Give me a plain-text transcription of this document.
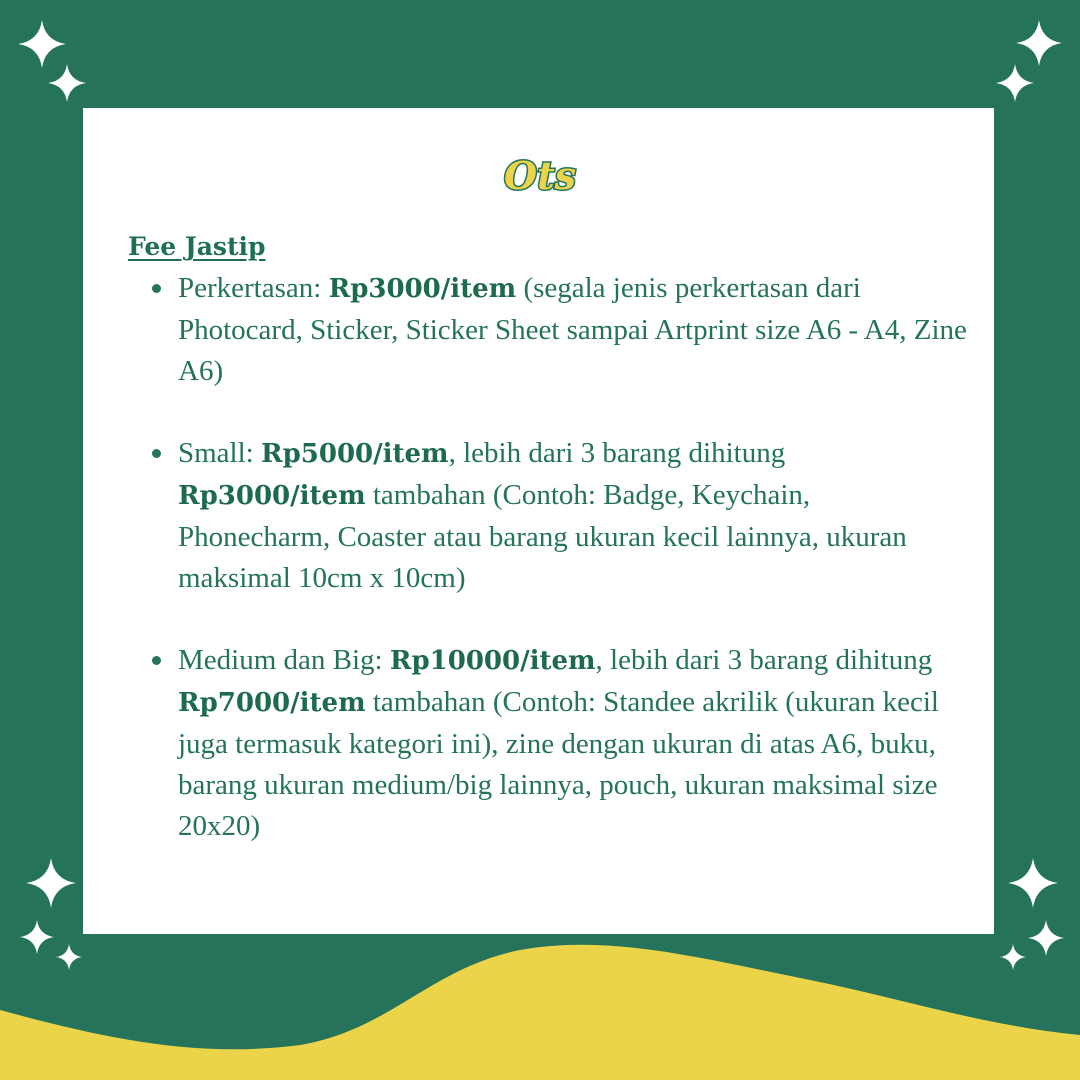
Ots
Fee Jastip
Perkertasan: Rp3000/item (segala jenis perkertasan dari Photocard, Sticker, Sticker Sheet sampai Artprint size A6 - A4, Zine A6)
Small: Rp5000/item, lebih dari 3 barang dihitung Rp3000/item tambahan (Contoh: Badge, Keychain, Phonecharm, Coaster atau barang ukuran kecil lainnya, ukuran maksimal 10cm x 10cm)
Medium dan Big: Rp10000/item, lebih dari 3 barang dihitung Rp7000/item tambahan (Contoh: Standee akrilik (ukuran kecil juga termasuk kategori ini), zine dengan ukuran di atas A6, buku, barang ukuran medium/big lainnya, pouch, ukuran maksimal size 20x20)
